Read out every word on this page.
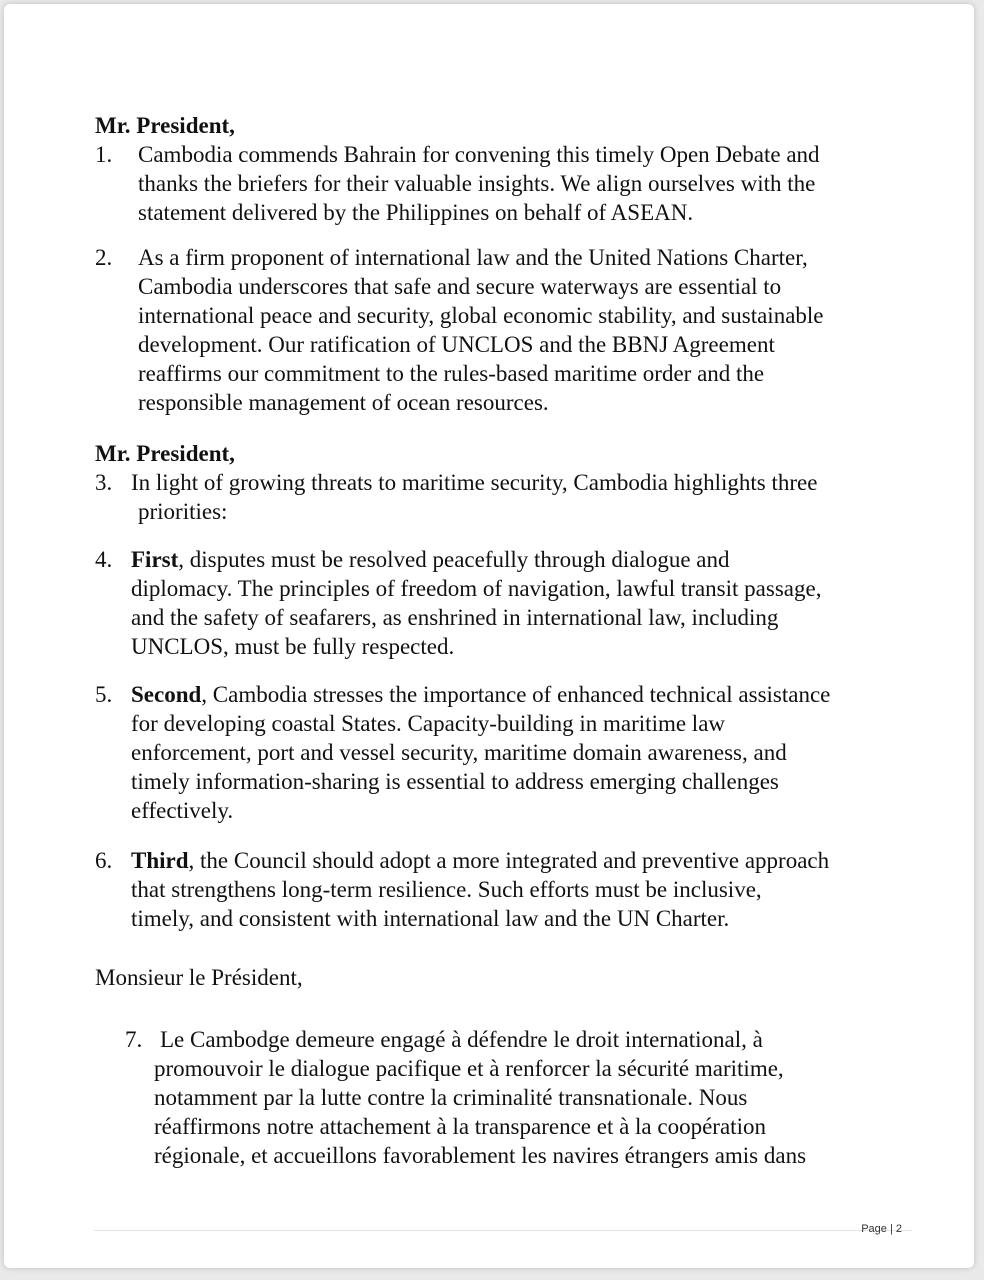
Mr. President,

1. Cambodia commends Bahrain for convening this timely Open Debate and
thanks the briefers for their valuable insights. We align ourselves with the
statement delivered by the Philippines on behalf of ASEAN.
2. As a firm proponent of international law and the United Nations Charter,
Cambodia underscores that safe and secure waterways are essential to
international peace and security, global economic stability, and sustainable
development. Our ratification of UNCLOS and the BBNJ Agreement
reaffirms our commitment to the rules-based maritime order and the
responsible management of ocean resources.

Mr. President,

3. In light of growing threats to maritime security, Cambodia highlights three
priorities:
4. First, disputes must be resolved peacefully through dialogue and
diplomacy. The principles of freedom of navigation, lawful transit passage,
and the safety of seafarers, as enshrined in international law, including
UNCLOS, must be fully respected.
5. Second, Cambodia stresses the importance of enhanced technical assistance
for developing coastal States. Capacity-building in maritime law
enforcement, port and vessel security, maritime domain awareness, and
timely information-sharing is essential to address emerging challenges
effectively.
6. Third, the Council should adopt a more integrated and preventive approach
that strengthens long-term resilience. Such efforts must be inclusive,
timely, and consistent with international law and the UN Charter.

Monsieur le Président,

7. Le Cambodge demeure engagé à défendre le droit international, à
promouvoir le dialogue pacifique et à renforcer la sécurité maritime,
notamment par la lutte contre la criminalité transnationale. Nous
réaffirmons notre attachement à la transparence et à la coopération
régionale, et accueillons favorablement les navires étrangers amis dans
Page | 2
